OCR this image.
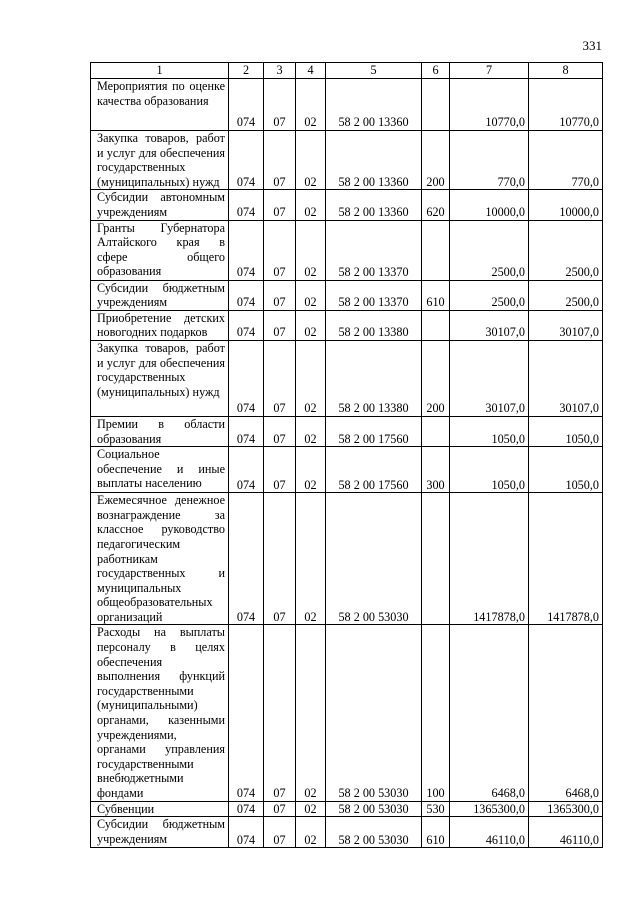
331
1	2	3	4	5	6	7	8
Мероприятия по оценке качества образования	074	07	02	58 2 00 13360		10770,0	10770,0
Закупка товаров, работ и услуг для обеспечения государственных (муниципальных) нужд	074	07	02	58 2 00 13360	200	770,0	770,0
Субсидии автономным учреждениям	074	07	02	58 2 00 13360	620	10000,0	10000,0
Гранты Губернатора Алтайского края в сфере общего образования	074	07	02	58 2 00 13370		2500,0	2500,0
Субсидии бюджетным учреждениям	074	07	02	58 2 00 13370	610	2500,0	2500,0
Приобретение детских новогодних подарков	074	07	02	58 2 00 13380		30107,0	30107,0
Закупка товаров, работ и услуг для обеспечения государственных (муниципальных) нужд	074	07	02	58 2 00 13380	200	30107,0	30107,0
Премии в области образования	074	07	02	58 2 00 17560		1050,0	1050,0
Социальное обеспечение и иные выплаты населению	074	07	02	58 2 00 17560	300	1050,0	1050,0
Ежемесячное денежное вознаграждение за классное руководство педагогическим работникам государственных и муниципальных общеобразовательных организаций	074	07	02	58 2 00 53030		1417878,0	1417878,0
Расходы на выплаты персоналу в целях обеспечения выполнения функций государственными (муниципальными) органами, казенными учреждениями, органами управления государственными внебюджетными фондами	074	07	02	58 2 00 53030	100	6468,0	6468,0
Субвенции	074	07	02	58 2 00 53030	530	1365300,0	1365300,0
Субсидии бюджетным учреждениям	074	07	02	58 2 00 53030	610	46110,0	46110,0
